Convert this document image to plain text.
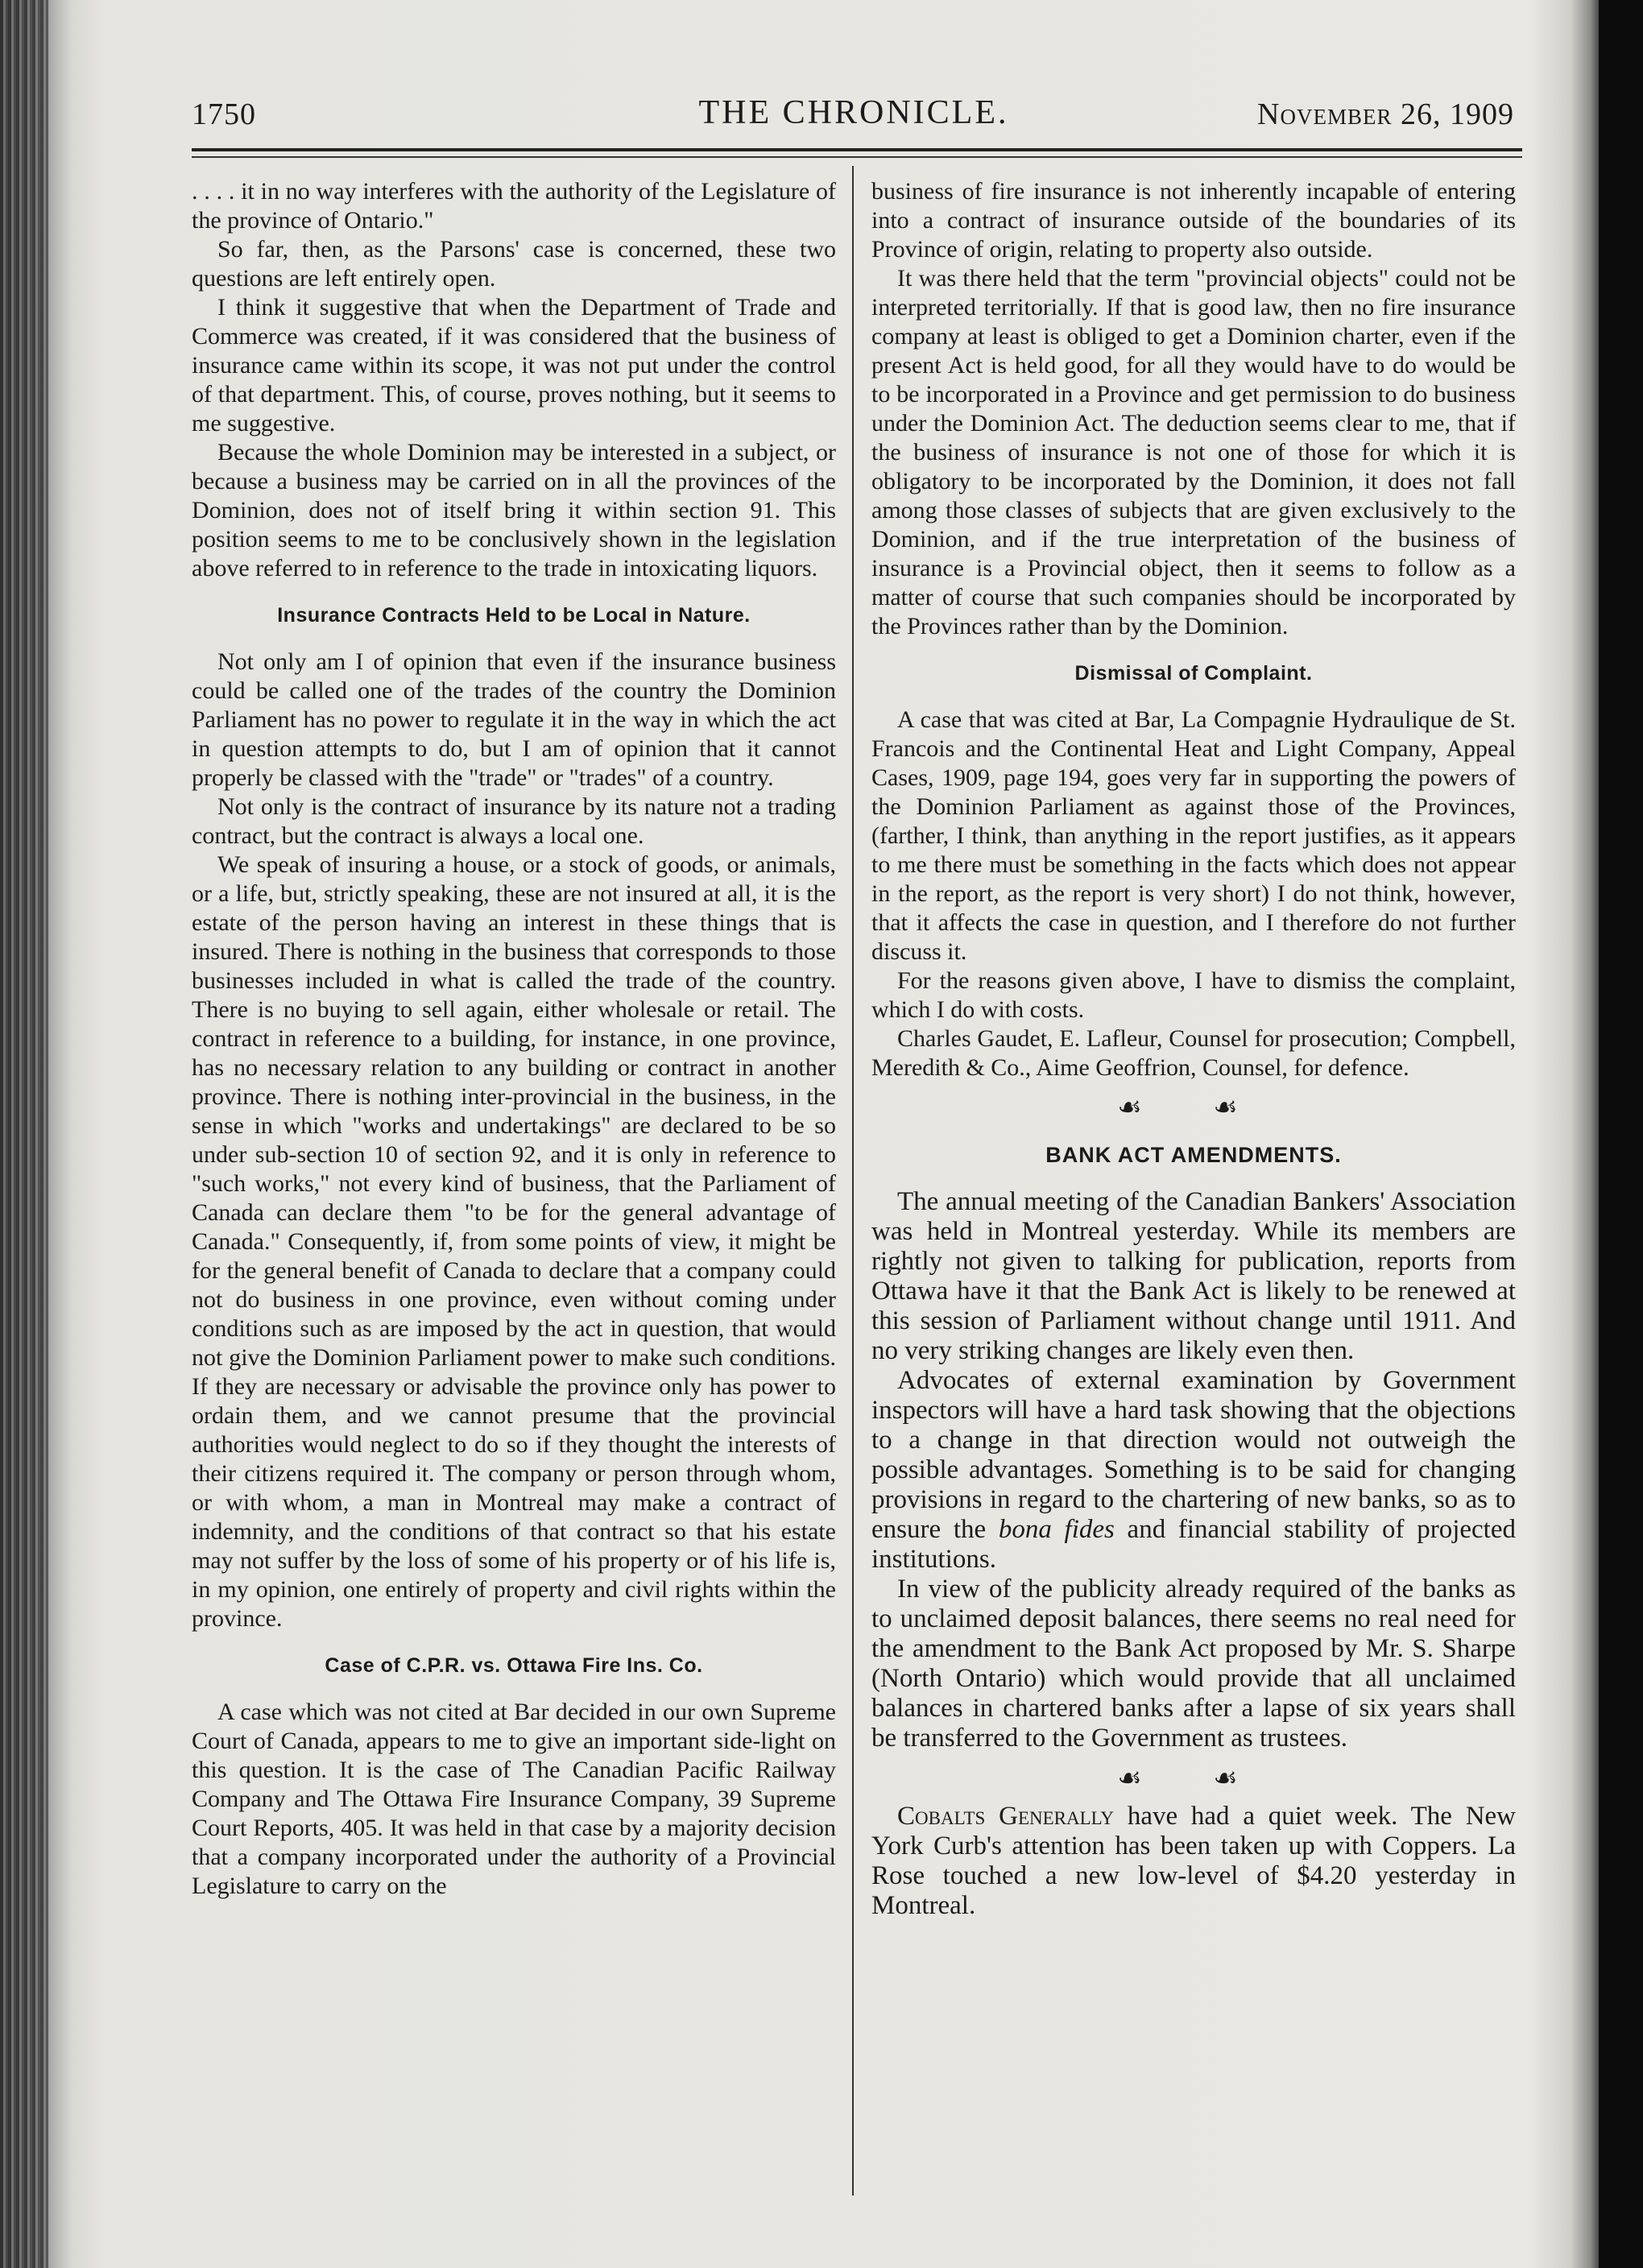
1750	THE CHRONICLE.	November 26, 1909

. . . . it in no way interferes with the authority of the Legislature of the province of Ontario."

So far, then, as the Parsons' case is concerned, these two questions are left entirely open.

I think it suggestive that when the Department of Trade and Commerce was created, if it was considered that the business of insurance came within its scope, it was not put under the control of that department. This, of course, proves nothing, but it seems to me suggestive.

Because the whole Dominion may be interested in a subject, or because a business may be carried on in all the provinces of the Dominion, does not of itself bring it within section 91. This position seems to me to be conclusively shown in the legislation above referred to in reference to the trade in intoxicating liquors.

Insurance Contracts Held to be Local in Nature.

Not only am I of opinion that even if the insurance business could be called one of the trades of the country the Dominion Parliament has no power to regulate it in the way in which the act in question attempts to do, but I am of opinion that it cannot properly be classed with the "trade" or "trades" of a country.

Not only is the contract of insurance by its nature not a trading contract, but the contract is always a local one.

We speak of insuring a house, or a stock of goods, or animals, or a life, but, strictly speaking, these are not insured at all, it is the estate of the person having an interest in these things that is insured. There is nothing in the business that corresponds to those businesses included in what is called the trade of the country. There is no buying to sell again, either wholesale or retail. The contract in reference to a building, for instance, in one province, has no necessary relation to any building or contract in another province. There is nothing inter-provincial in the business, in the sense in which "works and undertakings" are declared to be so under sub-section 10 of section 92, and it is only in reference to "such works," not every kind of business, that the Parliament of Canada can declare them "to be for the general advantage of Canada." Consequently, if, from some points of view, it might be for the general benefit of Canada to declare that a company could not do business in one province, even without coming under conditions such as are imposed by the act in question, that would not give the Dominion Parliament power to make such conditions. If they are necessary or advisable the province only has power to ordain them, and we cannot presume that the provincial authorities would neglect to do so if they thought the interests of their citizens required it. The company or person through whom, or with whom, a man in Montreal may make a contract of indemnity, and the conditions of that contract so that his estate may not suffer by the loss of some of his property or of his life is, in my opinion, one entirely of property and civil rights within the province.

Case of C.P.R. vs. Ottawa Fire Ins. Co.

A case which was not cited at Bar decided in our own Supreme Court of Canada, appears to me to give an important side-light on this question. It is the case of The Canadian Pacific Railway Company and The Ottawa Fire Insurance Company, 39 Supreme Court Reports, 405. It was held in that case by a majority decision that a company incorporated under the authority of a Provincial Legislature to carry on the

business of fire insurance is not inherently incapable of entering into a contract of insurance outside of the boundaries of its Province of origin, relating to property also outside.

It was there held that the term "provincial objects" could not be interpreted territorially. If that is good law, then no fire insurance company at least is obliged to get a Dominion charter, even if the present Act is held good, for all they would have to do would be to be incorporated in a Province and get permission to do business under the Dominion Act. The deduction seems clear to me, that if the business of insurance is not one of those for which it is obligatory to be incorporated by the Dominion, it does not fall among those classes of subjects that are given exclusively to the Dominion, and if the true interpretation of the business of insurance is a Provincial object, then it seems to follow as a matter of course that such companies should be incorporated by the Provinces rather than by the Dominion.

Dismissal of Complaint.

A case that was cited at Bar, La Compagnie Hydraulique de St. Francois and the Continental Heat and Light Company, Appeal Cases, 1909, page 194, goes very far in supporting the powers of the Dominion Parliament as against those of the Provinces, (farther, I think, than anything in the report justifies, as it appears to me there must be something in the facts which does not appear in the report, as the report is very short) I do not think, however, that it affects the case in question, and I therefore do not further discuss it.

For the reasons given above, I have to dismiss the complaint, which I do with costs.

Charles Gaudet, E. Lafleur, Counsel for prosecution; Compbell, Meredith & Co., Aime Geoffrion, Counsel, for defence.

☙ ☙
BANK ACT AMENDMENTS.

The annual meeting of the Canadian Bankers' Association was held in Montreal yesterday. While its members are rightly not given to talking for publication, reports from Ottawa have it that the Bank Act is likely to be renewed at this session of Parliament without change until 1911. And no very striking changes are likely even then.

Advocates of external examination by Government inspectors will have a hard task showing that the objections to a change in that direction would not outweigh the possible advantages. Something is to be said for changing provisions in regard to the chartering of new banks, so as to ensure the bona fides and financial stability of projected institutions.

In view of the publicity already required of the banks as to unclaimed deposit balances, there seems no real need for the amendment to the Bank Act proposed by Mr. S. Sharpe (North Ontario) which would provide that all unclaimed balances in chartered banks after a lapse of six years shall be transferred to the Government as trustees.

☙ ☙

Cobalts Generally have had a quiet week. The New York Curb's attention has been taken up with Coppers. La Rose touched a new low-level of $4.20 yesterday in Montreal.
